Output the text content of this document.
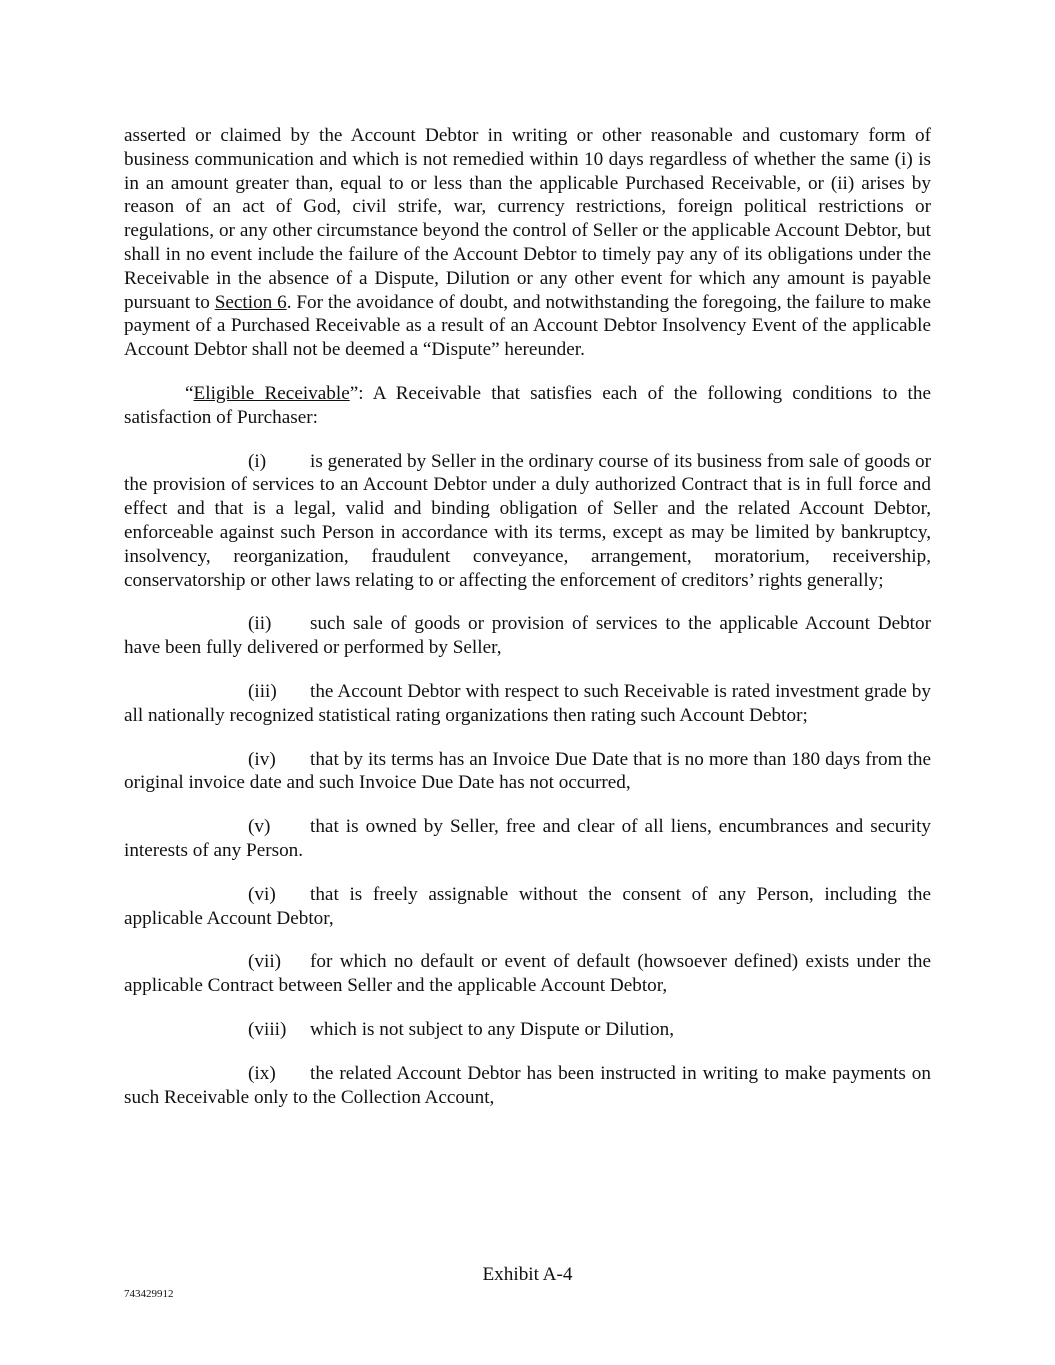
asserted or claimed by the Account Debtor in writing or other reasonable and customary form of business communication and which is not remedied within 10 days regardless of whether the same (i) is in an amount greater than, equal to or less than the applicable Purchased Receivable, or (ii) arises by reason of an act of God, civil strife, war, currency restrictions, foreign political restrictions or regulations, or any other circumstance beyond the control of Seller or the applicable Account Debtor, but shall in no event include the failure of the Account Debtor to timely pay any of its obligations under the Receivable in the absence of a Dispute, Dilution or any other event for which any amount is payable pursuant to Section 6. For the avoidance of doubt, and notwithstanding the foregoing, the failure to make payment of a Purchased Receivable as a result of an Account Debtor Insolvency Event of the applicable Account Debtor shall not be deemed a “Dispute” hereunder.

“Eligible Receivable”: A Receivable that satisfies each of the following conditions to the satisfaction of Purchaser:

(i) is generated by Seller in the ordinary course of its business from sale of goods or the provision of services to an Account Debtor under a duly authorized Contract that is in full force and effect and that is a legal, valid and binding obligation of Seller and the related Account Debtor, enforceable against such Person in accordance with its terms, except as may be limited by bankruptcy, insolvency, reorganization, fraudulent conveyance, arrangement, moratorium, receivership, conservatorship or other laws relating to or affecting the enforcement of creditors’ rights generally;

(ii) such sale of goods or provision of services to the applicable Account Debtor have been fully delivered or performed by Seller,

(iii) the Account Debtor with respect to such Receivable is rated investment grade by all nationally recognized statistical rating organizations then rating such Account Debtor;

(iv) that by its terms has an Invoice Due Date that is no more than 180 days from the original invoice date and such Invoice Due Date has not occurred,

(v) that is owned by Seller, free and clear of all liens, encumbrances and security interests of any Person.

(vi) that is freely assignable without the consent of any Person, including the applicable Account Debtor,

(vii) for which no default or event of default (howsoever defined) exists under the applicable Contract between Seller and the applicable Account Debtor,

(viii) which is not subject to any Dispute or Dilution,

(ix) the related Account Debtor has been instructed in writing to make payments on such Receivable only to the Collection Account,

Exhibit A-4
743429912
